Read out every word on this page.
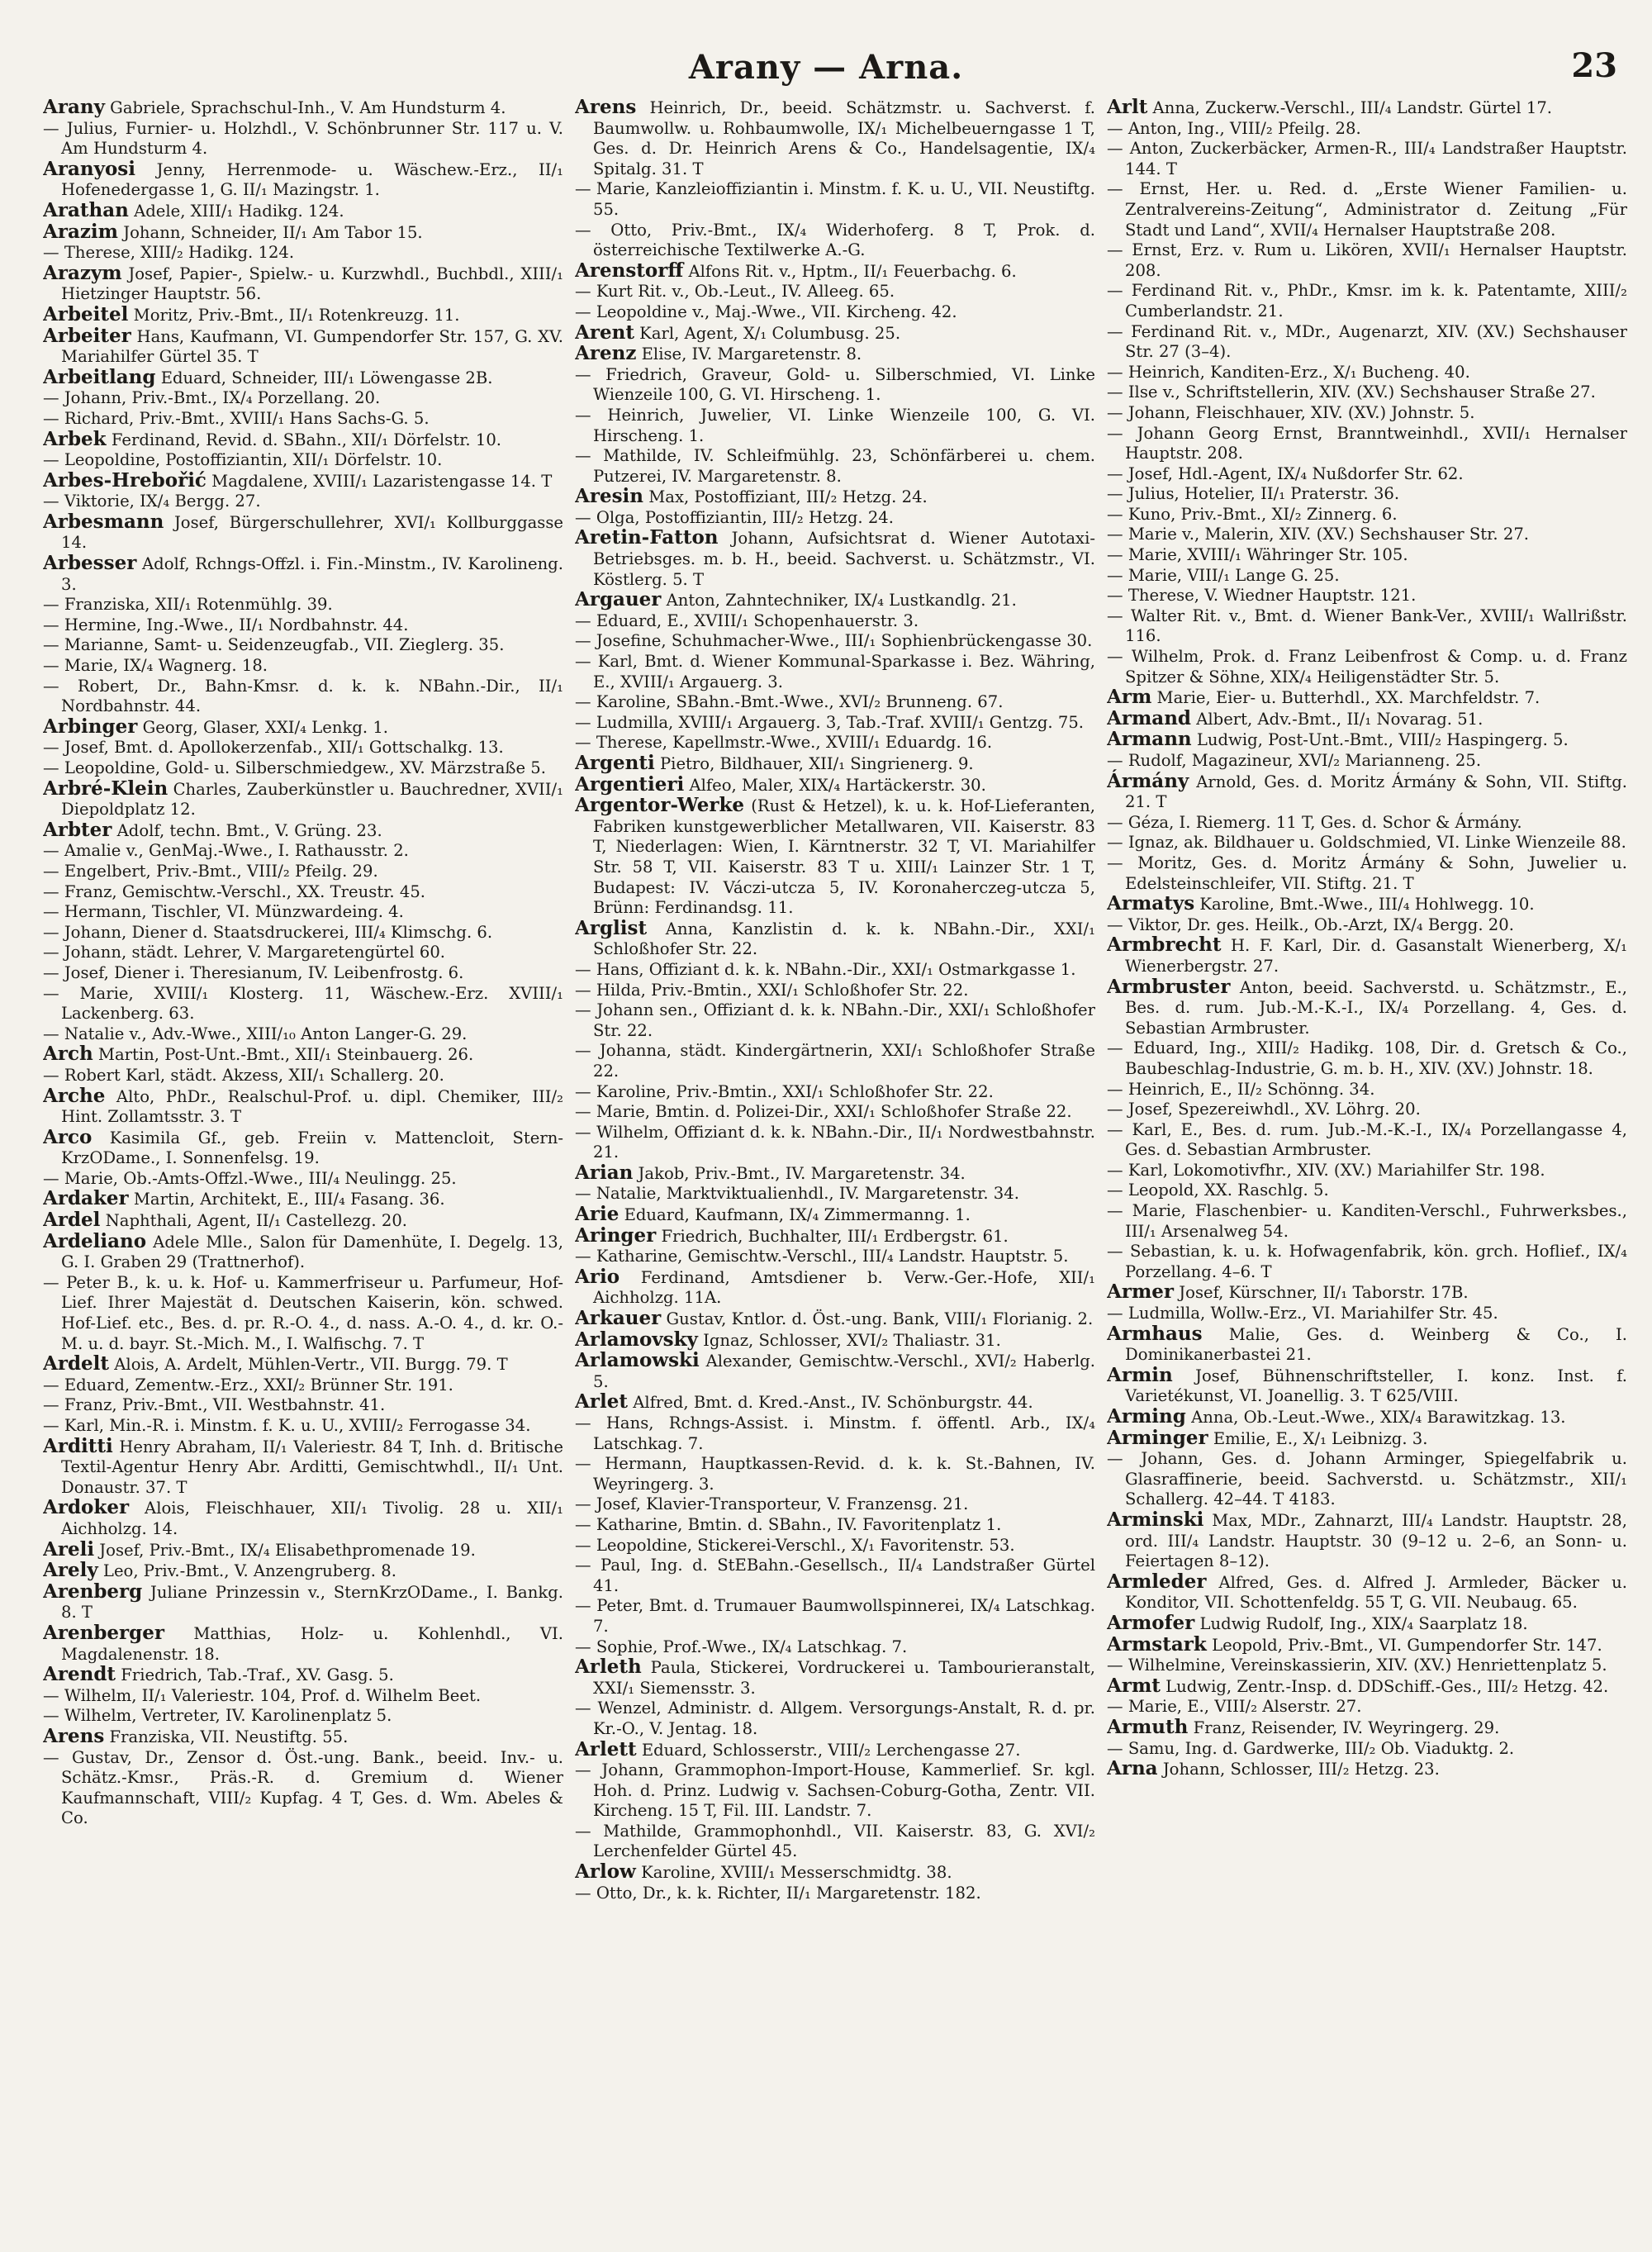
Arany — Arna.	23
Arany Gabriele, Sprachschul-Inh., V. Am Hundsturm 4.
— Julius, Furnier- u. Holzhdl., V. Schönbrunner Str. 117 u. V. Am Hundsturm 4.
Aranyosi Jenny, Herrenmode- u. Wäschew.-Erz., II/₁ Hofenedergasse 1, G. II/₁ Mazingstr. 1.
Arathan Adele, XIII/₁ Hadikg. 124.
Arazim Johann, Schneider, II/₁ Am Tabor 15.
— Therese, XIII/₂ Hadikg. 124.
Arazym Josef, Papier-, Spielw.- u. Kurzwhdl., Buchbdl., XIII/₁ Hietzinger Hauptstr. 56.
Arbeitel Moritz, Priv.-Bmt., II/₁ Rotenkreuzg. 11.
Arbeiter Hans, Kaufmann, VI. Gumpendorfer Str. 157, G. XV. Mariahilfer Gürtel 35. T
Arbeitlang Eduard, Schneider, III/₁ Löwengasse 2B.
— Johann, Priv.-Bmt., IX/₄ Porzellang. 20.
— Richard, Priv.-Bmt., XVIII/₁ Hans Sachs-G. 5.
Arbek Ferdinand, Revid. d. SBahn., XII/₁ Dörfelstr. 10.
— Leopoldine, Postoffiziantin, XII/₁ Dörfelstr. 10.
Arbes-Hrebořić Magdalene, XVIII/₁ Lazaristengasse 14. T
— Viktorie, IX/₄ Bergg. 27.
Arbesmann Josef, Bürgerschullehrer, XVI/₁ Kollburggasse 14.
Arbesser Adolf, Rchngs-Offzl. i. Fin.-Minstm., IV. Karolineng. 3.
— Franziska, XII/₁ Rotenmühlg. 39.
— Hermine, Ing.-Wwe., II/₁ Nordbahnstr. 44.
— Marianne, Samt- u. Seidenzeugfab., VII. Zieglerg. 35.
— Marie, IX/₄ Wagnerg. 18.
— Robert, Dr., Bahn-Kmsr. d. k. k. NBahn.-Dir., II/₁ Nordbahnstr. 44.
Arbinger Georg, Glaser, XXI/₄ Lenkg. 1.
— Josef, Bmt. d. Apollokerzenfab., XII/₁ Gottschalkg. 13.
— Leopoldine, Gold- u. Silberschmiedgew., XV. Märzstraße 5.
Arbré-Klein Charles, Zauberkünstler u. Bauchredner, XVII/₁ Diepoldplatz 12.
Arbter Adolf, techn. Bmt., V. Grüng. 23.
— Amalie v., GenMaj.-Wwe., I. Rathausstr. 2.
— Engelbert, Priv.-Bmt., VIII/₂ Pfeilg. 29.
— Franz, Gemischtw.-Verschl., XX. Treustr. 45.
— Hermann, Tischler, VI. Münzwardeing. 4.
— Johann, Diener d. Staatsdruckerei, III/₄ Klimschg. 6.
— Johann, städt. Lehrer, V. Margaretengürtel 60.
— Josef, Diener i. Theresianum, IV. Leibenfrostg. 6.
— Marie, XVIII/₁ Klosterg. 11, Wäschew.-Erz. XVIII/₁ Lackenberg. 63.
— Natalie v., Adv.-Wwe., XIII/₁₀ Anton Langer-G. 29.
Arch Martin, Post-Unt.-Bmt., XII/₁ Steinbauerg. 26.
— Robert Karl, städt. Akzess, XII/₁ Schallerg. 20.
Arche Alto, PhDr., Realschul-Prof. u. dipl. Chemiker, III/₂ Hint. Zollamtsstr. 3. T
Arco Kasimila Gf., geb. Freiin v. Mattencloit, Stern-KrzODame., I. Sonnenfelsg. 19.
— Marie, Ob.-Amts-Offzl.-Wwe., III/₄ Neulingg. 25.
Ardaker Martin, Architekt, E., III/₄ Fasang. 36.
Ardel Naphthali, Agent, II/₁ Castellezg. 20.
Ardeliano Adele Mlle., Salon für Damenhüte, I. Degelg. 13, G. I. Graben 29 (Trattnerhof).
— Peter B., k. u. k. Hof- u. Kammerfriseur u. Parfumeur, Hof-Lief. Ihrer Majestät d. Deutschen Kaiserin, kön. schwed. Hof-Lief. etc., Bes. d. pr. R.-O. 4., d. nass. A.-O. 4., d. kr. O.-M. u. d. bayr. St.-Mich. M., I. Walfischg. 7. T
Ardelt Alois, A. Ardelt, Mühlen-Vertr., VII. Burgg. 79. T
— Eduard, Zementw.-Erz., XXI/₂ Brünner Str. 191.
— Franz, Priv.-Bmt., VII. Westbahnstr. 41.
— Karl, Min.-R. i. Minstm. f. K. u. U., XVIII/₂ Ferrogasse 34.
Arditti Henry Abraham, II/₁ Valeriestr. 84 T, Inh. d. Britische Textil-Agentur Henry Abr. Arditti, Gemischtwhdl., II/₁ Unt. Donaustr. 37. T
Ardoker Alois, Fleischhauer, XII/₁ Tivolig. 28 u. XII/₁ Aichholzg. 14.
Areli Josef, Priv.-Bmt., IX/₄ Elisabethpromenade 19.
Arely Leo, Priv.-Bmt., V. Anzengruberg. 8.
Arenberg Juliane Prinzessin v., SternKrzODame., I. Bankg. 8. T
Arenberger Matthias, Holz- u. Kohlenhdl., VI. Magdalenenstr. 18.
Arendt Friedrich, Tab.-Traf., XV. Gasg. 5.
— Wilhelm, II/₁ Valeriestr. 104, Prof. d. Wilhelm Beet.
— Wilhelm, Vertreter, IV. Karolinenplatz 5.
Arens Franziska, VII. Neustiftg. 55.
— Gustav, Dr., Zensor d. Öst.-ung. Bank., beeid. Inv.- u. Schätz.-Kmsr., Präs.-R. d. Gremium d. Wiener Kaufmannschaft, VIII/₂ Kupfag. 4 T, Ges. d. Wm. Abeles & Co.
Arens Heinrich, Dr., beeid. Schätzmstr. u. Sachverst. f. Baumwollw. u. Rohbaumwolle, IX/₁ Michelbeuerngasse 1 T, Ges. d. Dr. Heinrich Arens & Co., Handelsagentie, IX/₄ Spitalg. 31. T
— Marie, Kanzleioffiziantin i. Minstm. f. K. u. U., VII. Neustiftg. 55.
— Otto, Priv.-Bmt., IX/₄ Widerhoferg. 8 T, Prok. d. österreichische Textilwerke A.-G.
Arenstorff Alfons Rit. v., Hptm., II/₁ Feuerbachg. 6.
— Kurt Rit. v., Ob.-Leut., IV. Alleeg. 65.
— Leopoldine v., Maj.-Wwe., VII. Kircheng. 42.
Arent Karl, Agent, X/₁ Columbusg. 25.
Arenz Elise, IV. Margaretenstr. 8.
— Friedrich, Graveur, Gold- u. Silberschmied, VI. Linke Wienzeile 100, G. VI. Hirscheng. 1.
— Heinrich, Juwelier, VI. Linke Wienzeile 100, G. VI. Hirscheng. 1.
— Mathilde, IV. Schleifmühlg. 23, Schönfärberei u. chem. Putzerei, IV. Margaretenstr. 8.
Aresin Max, Postoffiziant, III/₂ Hetzg. 24.
— Olga, Postoffiziantin, III/₂ Hetzg. 24.
Aretin-Fatton Johann, Aufsichtsrat d. Wiener Autotaxi-Betriebsges. m. b. H., beeid. Sachverst. u. Schätzmstr., VI. Köstlerg. 5. T
Argauer Anton, Zahntechniker, IX/₄ Lustkandlg. 21.
— Eduard, E., XVIII/₁ Schopenhauerstr. 3.
— Josefine, Schuhmacher-Wwe., III/₁ Sophienbrückengasse 30.
— Karl, Bmt. d. Wiener Kommunal-Sparkasse i. Bez. Währing, E., XVIII/₁ Argauerg. 3.
— Karoline, SBahn.-Bmt.-Wwe., XVI/₂ Brunneng. 67.
— Ludmilla, XVIII/₁ Argauerg. 3, Tab.-Traf. XVIII/₁ Gentzg. 75.
— Therese, Kapellmstr.-Wwe., XVIII/₁ Eduardg. 16.
Argenti Pietro, Bildhauer, XII/₁ Singrienerg. 9.
Argentieri Alfeo, Maler, XIX/₄ Hartäckerstr. 30.
Argentor-Werke (Rust & Hetzel), k. u. k. Hof-Lieferanten, Fabriken kunstgewerblicher Metallwaren, VII. Kaiserstr. 83 T, Niederlagen: Wien, I. Kärntnerstr. 32 T, VI. Mariahilfer Str. 58 T, VII. Kaiserstr. 83 T u. XIII/₁ Lainzer Str. 1 T, Budapest: IV. Váczi-utcza 5, IV. Koronaherczeg-utcza 5, Brünn: Ferdinandsg. 11.
Arglist Anna, Kanzlistin d. k. k. NBahn.-Dir., XXI/₁ Schloßhofer Str. 22.
— Hans, Offiziant d. k. k. NBahn.-Dir., XXI/₁ Ostmarkgasse 1.
— Hilda, Priv.-Bmtin., XXI/₁ Schloßhofer Str. 22.
— Johann sen., Offiziant d. k. k. NBahn.-Dir., XXI/₁ Schloßhofer Str. 22.
— Johanna, städt. Kindergärtnerin, XXI/₁ Schloßhofer Straße 22.
— Karoline, Priv.-Bmtin., XXI/₁ Schloßhofer Str. 22.
— Marie, Bmtin. d. Polizei-Dir., XXI/₁ Schloßhofer Straße 22.
— Wilhelm, Offiziant d. k. k. NBahn.-Dir., II/₁ Nordwestbahnstr. 21.
Arian Jakob, Priv.-Bmt., IV. Margaretenstr. 34.
— Natalie, Marktviktualienhdl., IV. Margaretenstr. 34.
Arie Eduard, Kaufmann, IX/₄ Zimmermanng. 1.
Aringer Friedrich, Buchhalter, III/₁ Erdbergstr. 61.
— Katharine, Gemischtw.-Verschl., III/₄ Landstr. Hauptstr. 5.
Ario Ferdinand, Amtsdiener b. Verw.-Ger.-Hofe, XII/₁ Aichholzg. 11A.
Arkauer Gustav, Kntlor. d. Öst.-ung. Bank, VIII/₁ Florianig. 2.
Arlamovsky Ignaz, Schlosser, XVI/₂ Thaliastr. 31.
Arlamowski Alexander, Gemischtw.-Verschl., XVI/₂ Haberlg. 5.
Arlet Alfred, Bmt. d. Kred.-Anst., IV. Schönburgstr. 44.
— Hans, Rchngs-Assist. i. Minstm. f. öffentl. Arb., IX/₄ Latschkag. 7.
— Hermann, Hauptkassen-Revid. d. k. k. St.-Bahnen, IV. Weyringerg. 3.
— Josef, Klavier-Transporteur, V. Franzensg. 21.
— Katharine, Bmtin. d. SBahn., IV. Favoritenplatz 1.
— Leopoldine, Stickerei-Verschl., X/₁ Favoritenstr. 53.
— Paul, Ing. d. StEBahn.-Gesellsch., II/₄ Landstraßer Gürtel 41.
— Peter, Bmt. d. Trumauer Baumwollspinnerei, IX/₄ Latschkag. 7.
— Sophie, Prof.-Wwe., IX/₄ Latschkag. 7.
Arleth Paula, Stickerei, Vordruckerei u. Tambourieranstalt, XXI/₁ Siemensstr. 3.
— Wenzel, Administr. d. Allgem. Versorgungs-Anstalt, R. d. pr. Kr.-O., V. Jentag. 18.
Arlett Eduard, Schlosserstr., VIII/₂ Lerchengasse 27.
— Johann, Grammophon-Import-House, Kammerlief. Sr. kgl. Hoh. d. Prinz. Ludwig v. Sachsen-Coburg-Gotha, Zentr. VII. Kircheng. 15 T, Fil. III. Landstr. 7.
— Mathilde, Grammophonhdl., VII. Kaiserstr. 83, G. XVI/₂ Lerchenfelder Gürtel 45.
Arlow Karoline, XVIII/₁ Messerschmidtg. 38.
— Otto, Dr., k. k. Richter, II/₁ Margaretenstr. 182.
Arlt Anna, Zuckerw.-Verschl., III/₄ Landstr. Gürtel 17.
— Anton, Ing., VIII/₂ Pfeilg. 28.
— Anton, Zuckerbäcker, Armen-R., III/₄ Landstraßer Hauptstr. 144. T
— Ernst, Her. u. Red. d. „Erste Wiener Familien- u. Zentralvereins-Zeitung“, Administrator d. Zeitung „Für Stadt und Land“, XVII/₄ Hernalser Hauptstraße 208.
— Ernst, Erz. v. Rum u. Likören, XVII/₁ Hernalser Hauptstr. 208.
— Ferdinand Rit. v., PhDr., Kmsr. im k. k. Patentamte, XIII/₂ Cumberlandstr. 21.
— Ferdinand Rit. v., MDr., Augenarzt, XIV. (XV.) Sechshauser Str. 27 (3–4).
— Heinrich, Kanditen-Erz., X/₁ Bucheng. 40.
— Ilse v., Schriftstellerin, XIV. (XV.) Sechshauser Straße 27.
— Johann, Fleischhauer, XIV. (XV.) Johnstr. 5.
— Johann Georg Ernst, Branntweinhdl., XVII/₁ Hernalser Hauptstr. 208.
— Josef, Hdl.-Agent, IX/₄ Nußdorfer Str. 62.
— Julius, Hotelier, II/₁ Praterstr. 36.
— Kuno, Priv.-Bmt., XI/₂ Zinnerg. 6.
— Marie v., Malerin, XIV. (XV.) Sechshauser Str. 27.
— Marie, XVIII/₁ Währinger Str. 105.
— Marie, VIII/₁ Lange G. 25.
— Therese, V. Wiedner Hauptstr. 121.
— Walter Rit. v., Bmt. d. Wiener Bank-Ver., XVIII/₁ Wallrißstr. 116.
— Wilhelm, Prok. d. Franz Leibenfrost & Comp. u. d. Franz Spitzer & Söhne, XIX/₄ Heiligenstädter Str. 5.
Arm Marie, Eier- u. Butterhdl., XX. Marchfeldstr. 7.
Armand Albert, Adv.-Bmt., II/₁ Novarag. 51.
Armann Ludwig, Post-Unt.-Bmt., VIII/₂ Haspingerg. 5.
— Rudolf, Magazineur, XVI/₂ Marianneng. 25.
Ármány Arnold, Ges. d. Moritz Ármány & Sohn, VII. Stiftg. 21. T
— Géza, I. Riemerg. 11 T, Ges. d. Schor & Ármány.
— Ignaz, ak. Bildhauer u. Goldschmied, VI. Linke Wienzeile 88.
— Moritz, Ges. d. Moritz Ármány & Sohn, Juwelier u. Edelsteinschleifer, VII. Stiftg. 21. T
Armatys Karoline, Bmt.-Wwe., III/₄ Hohlwegg. 10.
— Viktor, Dr. ges. Heilk., Ob.-Arzt, IX/₄ Bergg. 20.
Armbrecht H. F. Karl, Dir. d. Gasanstalt Wienerberg, X/₁ Wienerbergstr. 27.
Armbruster Anton, beeid. Sachverstd. u. Schätzmstr., E., Bes. d. rum. Jub.-M.-K.-I., IX/₄ Porzellang. 4, Ges. d. Sebastian Armbruster.
— Eduard, Ing., XIII/₂ Hadikg. 108, Dir. d. Gretsch & Co., Baubeschlag-Industrie, G. m. b. H., XIV. (XV.) Johnstr. 18.
— Heinrich, E., II/₂ Schönng. 34.
— Josef, Spezereiwhdl., XV. Löhrg. 20.
— Karl, E., Bes. d. rum. Jub.-M.-K.-I., IX/₄ Porzellangasse 4, Ges. d. Sebastian Armbruster.
— Karl, Lokomotivfhr., XIV. (XV.) Mariahilfer Str. 198.
— Leopold, XX. Raschlg. 5.
— Marie, Flaschenbier- u. Kanditen-Verschl., Fuhrwerksbes., III/₁ Arsenalweg 54.
— Sebastian, k. u. k. Hofwagenfabrik, kön. grch. Hoflief., IX/₄ Porzellang. 4–6. T
Armer Josef, Kürschner, II/₁ Taborstr. 17B.
— Ludmilla, Wollw.-Erz., VI. Mariahilfer Str. 45.
Armhaus Malie, Ges. d. Weinberg & Co., I. Dominikanerbastei 21.
Armin Josef, Bühnenschriftsteller, I. konz. Inst. f. Varietékunst, VI. Joanellig. 3. T 625/VIII.
Arming Anna, Ob.-Leut.-Wwe., XIX/₄ Barawitzkag. 13.
Arminger Emilie, E., X/₁ Leibnizg. 3.
— Johann, Ges. d. Johann Arminger, Spiegelfabrik u. Glasraffinerie, beeid. Sachverstd. u. Schätzmstr., XII/₁ Schallerg. 42–44. T 4183.
Arminski Max, MDr., Zahnarzt, III/₄ Landstr. Hauptstr. 28, ord. III/₄ Landstr. Hauptstr. 30 (9–12 u. 2–6, an Sonn- u. Feiertagen 8–12).
Armleder Alfred, Ges. d. Alfred J. Armleder, Bäcker u. Konditor, VII. Schottenfeldg. 55 T, G. VII. Neubaug. 65.
Armofer Ludwig Rudolf, Ing., XIX/₄ Saarplatz 18.
Armstark Leopold, Priv.-Bmt., VI. Gumpendorfer Str. 147.
— Wilhelmine, Vereinskassierin, XIV. (XV.) Henriettenplatz 5.
Armt Ludwig, Zentr.-Insp. d. DDSchiff.-Ges., III/₂ Hetzg. 42.
— Marie, E., VIII/₂ Alserstr. 27.
Armuth Franz, Reisender, IV. Weyringerg. 29.
— Samu, Ing. d. Gardwerke, III/₂ Ob. Viaduktg. 2.
Arna Johann, Schlosser, III/₂ Hetzg. 23.
